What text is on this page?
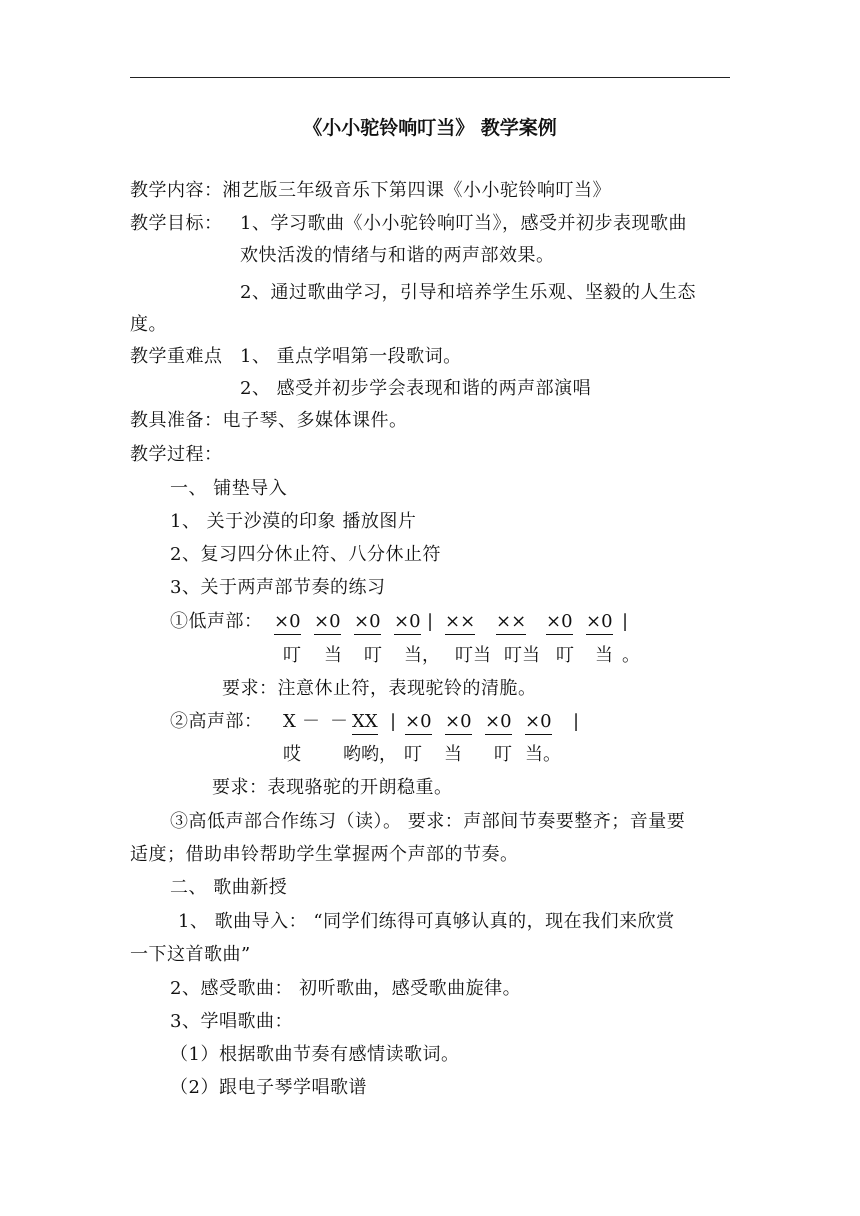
《小小驼铃响叮当》 教学案例
教学内容：湘艺版三年级音乐下第四课《小小驼铃响叮当》
教学目标： 1、学习歌曲《小小驼铃响叮当》，感受并初步表现歌曲
欢快活泼的情绪与和谐的两声部效果。
2、通过歌曲学习，引导和培养学生乐观、坚毅的人生态
度。
教学重难点 1、 重点学唱第一段歌词。
2、 感受并初步学会表现和谐的两声部演唱
教具准备：电子琴、多媒体课件。
教学过程：
一、 铺垫导入
1、 关于沙漠的印象 播放图片
2、复习四分休止符、八分休止符
3、关于两声部节奏的练习
①低声部： ×0 ×0 ×0 ×0 | ×× ×× ×0 ×0 |
叮 当 叮 当， 叮当 叮当 叮 当 。
要求：注意休止符，表现驼铃的清脆。
②高声部： X － － XX | ×0 ×0 ×0 ×0 |
哎 哟哟， 叮 当 叮 当。
要求：表现骆驼的开朗稳重。
③高低声部合作练习（读）。 要求：声部间节奏要整齐；音量要
适度；借助串铃帮助学生掌握两个声部的节奏。
二、 歌曲新授
1、 歌曲导入： “同学们练得可真够认真的，现在我们来欣赏
一下这首歌曲”
2、感受歌曲： 初听歌曲，感受歌曲旋律。
3、学唱歌曲：
（1）根据歌曲节奏有感情读歌词。
（2）跟电子琴学唱歌谱
